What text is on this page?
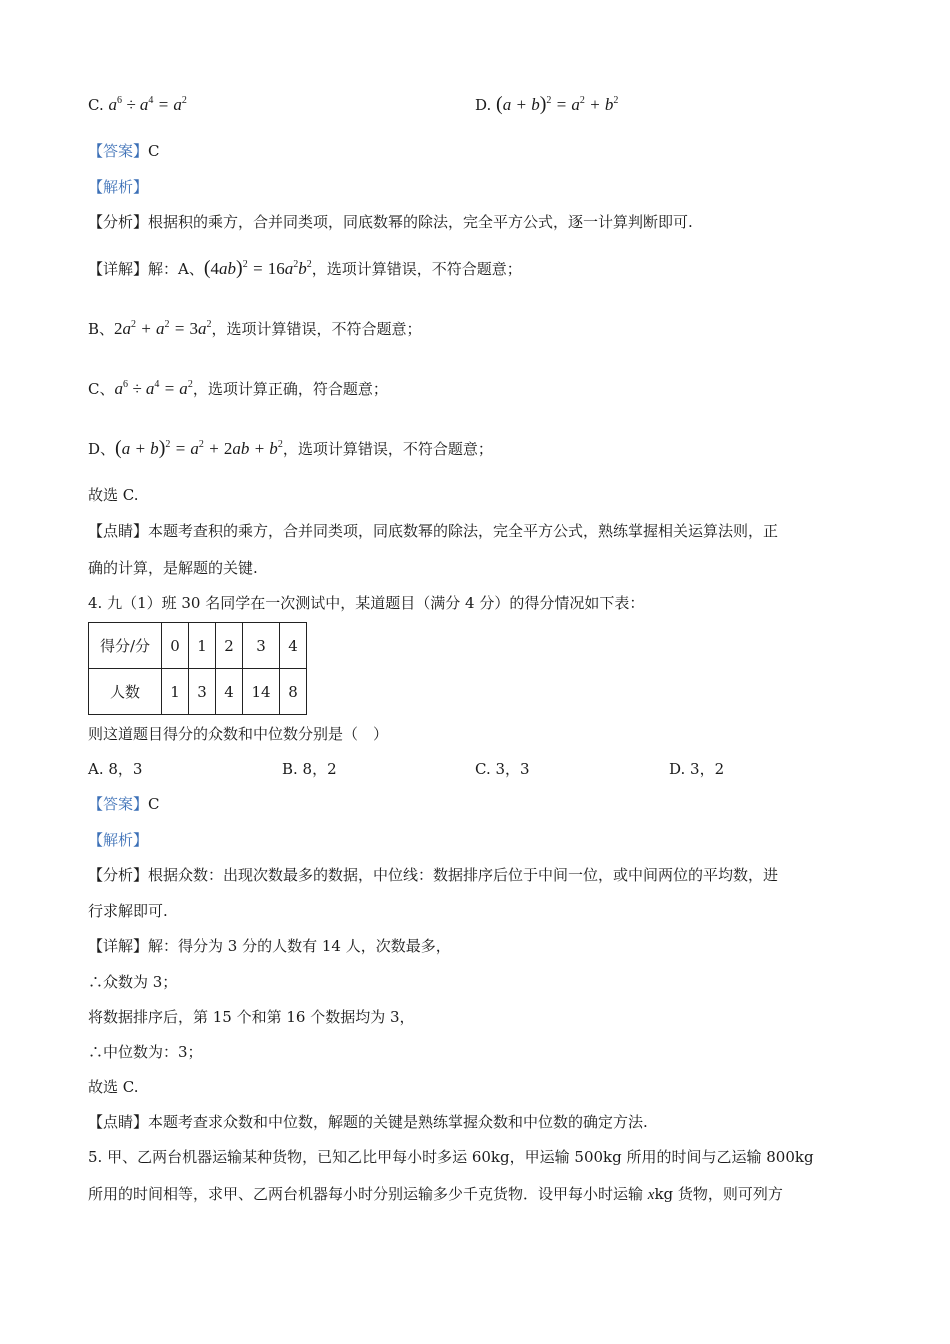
C. $a^6 \div a^4 = a^2$	D. $(a + b)^2 = a^2 + b^2$
【答案】C
【解析】
【分析】根据积的乘方，合并同类项，同底数幂的除法，完全平方公式，逐一计算判断即可.
【详解】解：A、$(4ab)^2 = 16a^2b^2$，选项计算错误，不符合题意；
B、$2a^2 + a^2 = 3a^2$，选项计算错误，不符合题意；
C、$a^6 \div a^4 = a^2$，选项计算正确，符合题意；
D、$(a + b)^2 = a^2 + 2ab + b^2$，选项计算错误，不符合题意；
故选 C.
【点睛】本题考查积的乘方，合并同类项，同底数幂的除法，完全平方公式，熟练掌握相关运算法则，正
确的计算，是解题的关键.
4. 九（1）班 30 名同学在一次测试中，某道题目（满分 4 分）的得分情况如下表：
得分/分	0	1	2	3	4
人数	1	3	4	14	8
则这道题目得分的众数和中位数分别是（　）
A. 8，3	B. 8，2	C. 3，3	D. 3，2
【答案】C
【解析】
【分析】根据众数：出现次数最多的数据，中位线：数据排序后位于中间一位，或中间两位的平均数，进
行求解即可.
【详解】解：得分为 3 分的人数有 14 人，次数最多，
∴众数为 3；
将数据排序后，第 15 个和第 16 个数据均为 3，
∴中位数为：3；
故选 C.
【点睛】本题考查求众数和中位数，解题的关键是熟练掌握众数和中位数的确定方法.
5. 甲、乙两台机器运输某种货物，已知乙比甲每小时多运 60kg，甲运输 500kg 所用的时间与乙运输 800kg
所用的时间相等，求甲、乙两台机器每小时分别运输多少千克货物．设甲每小时运输 xkg 货物，则可列方
